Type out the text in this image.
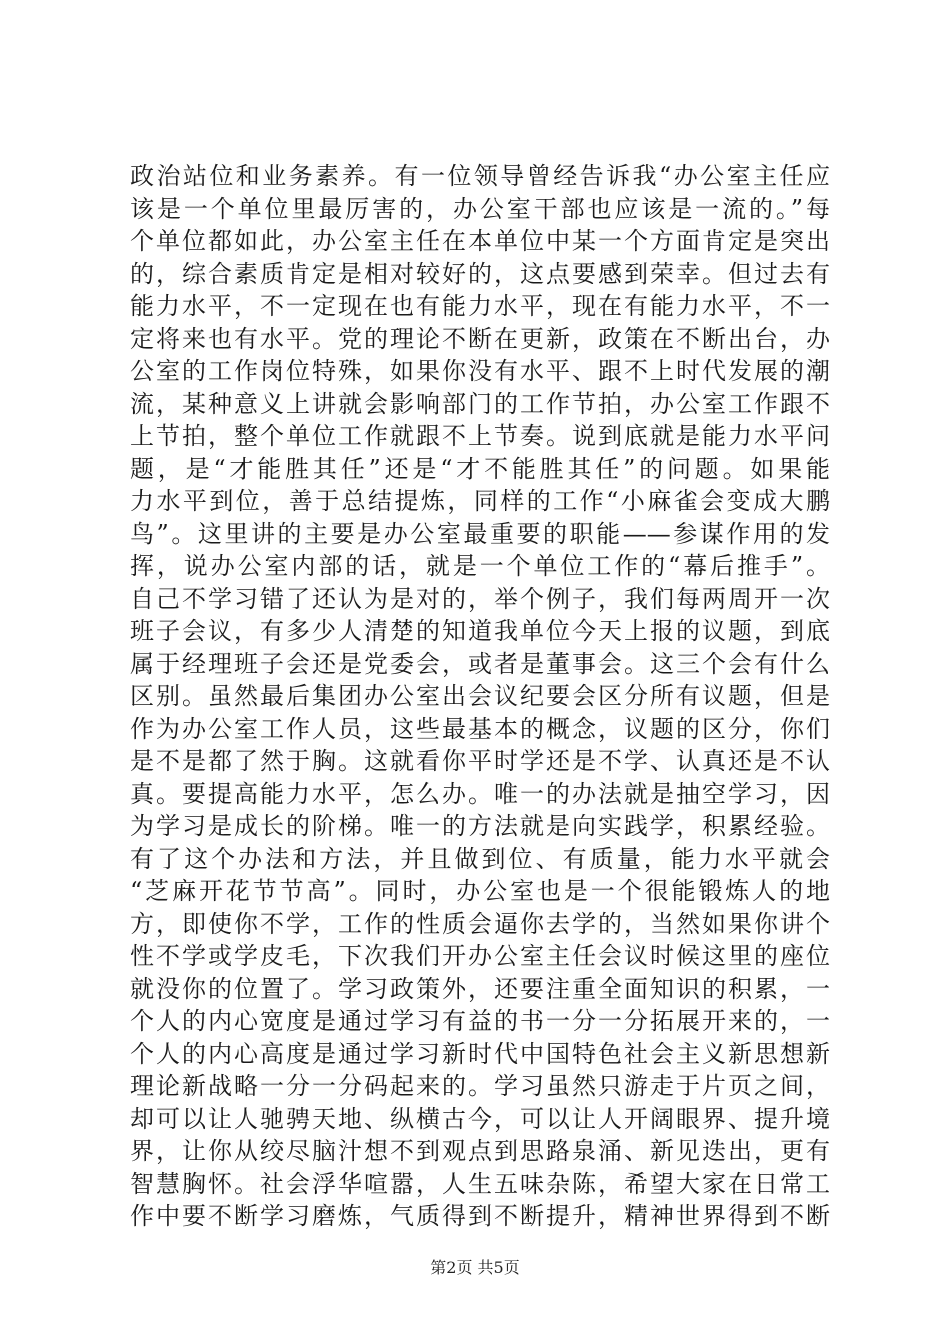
政治站位和业务素养。有一位领导曾经告诉我“办公室主任应
该是一个单位里最厉害的，办公室干部也应该是一流的。”每
个单位都如此，办公室主任在本单位中某一个方面肯定是突出
的，综合素质肯定是相对较好的，这点要感到荣幸。但过去有
能力水平，不一定现在也有能力水平，现在有能力水平，不一
定将来也有水平。党的理论不断在更新，政策在不断出台，办
公室的工作岗位特殊，如果你没有水平、跟不上时代发展的潮
流，某种意义上讲就会影响部门的工作节拍，办公室工作跟不
上节拍，整个单位工作就跟不上节奏。说到底就是能力水平问
题，是“才能胜其任”还是“才不能胜其任”的问题。如果能
力水平到位，善于总结提炼，同样的工作“小麻雀会变成大鹏
鸟”。这里讲的主要是办公室最重要的职能——参谋作用的发
挥，说办公室内部的话，就是一个单位工作的“幕后推手”。
自己不学习错了还认为是对的，举个例子，我们每两周开一次
班子会议，有多少人清楚的知道我单位今天上报的议题，到底
属于经理班子会还是党委会，或者是董事会。这三个会有什么
区别。虽然最后集团办公室出会议纪要会区分所有议题，但是
作为办公室工作人员，这些最基本的概念，议题的区分，你们
是不是都了然于胸。这就看你平时学还是不学、认真还是不认
真。要提高能力水平，怎么办。唯一的办法就是抽空学习，因
为学习是成长的阶梯。唯一的方法就是向实践学，积累经验。
有了这个办法和方法，并且做到位、有质量，能力水平就会
“芝麻开花节节高”。同时，办公室也是一个很能锻炼人的地
方，即使你不学，工作的性质会逼你去学的，当然如果你讲个
性不学或学皮毛，下次我们开办公室主任会议时候这里的座位
就没你的位置了。学习政策外，还要注重全面知识的积累，一
个人的内心宽度是通过学习有益的书一分一分拓展开来的，一
个人的内心高度是通过学习新时代中国特色社会主义新思想新
理论新战略一分一分码起来的。学习虽然只游走于片页之间，
却可以让人驰骋天地、纵横古今，可以让人开阔眼界、提升境
界，让你从绞尽脑汁想不到观点到思路泉涌、新见迭出，更有
智慧胸怀。社会浮华喧嚣，人生五味杂陈，希望大家在日常工
作中要不断学习磨炼，气质得到不断提升，精神世界得到不断
第2页 共5页
